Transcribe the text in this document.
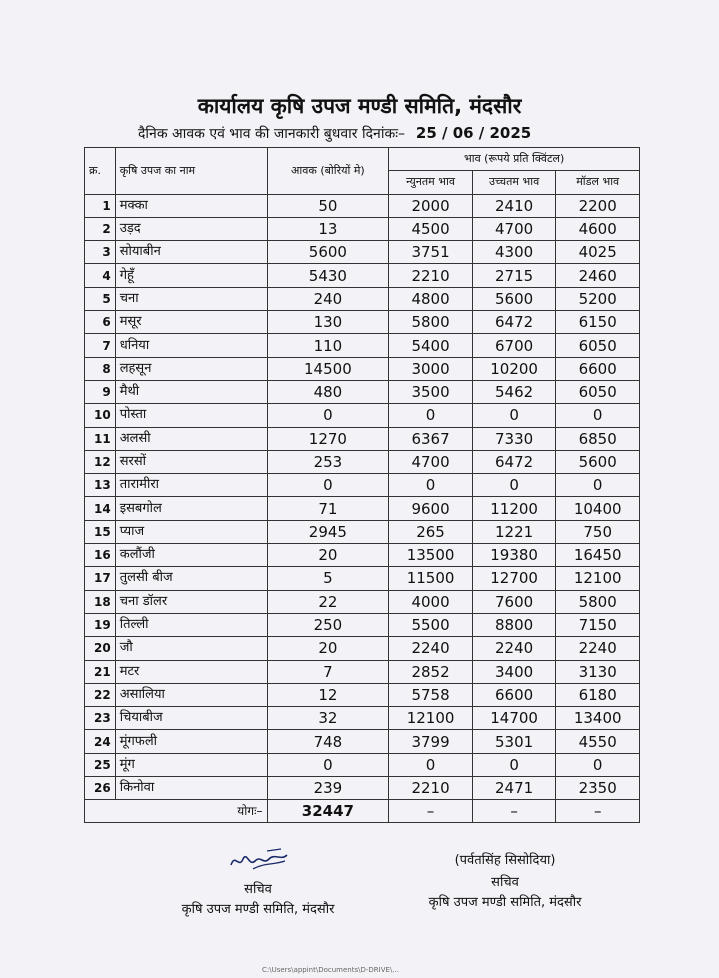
कार्यालय कृषि उपज मण्डी समिति, मंदसौर
दैनिक आवक एवं भाव की जानकारी बुधवार दिनांकः– 25 / 06 / 2025
क्र.	कृषि उपज का नाम	आवक (बोरियों मे)	भाव (रूपये प्रति क्विंटल)		
			न्युनतम भाव	उच्चतम भाव	मॉडल भाव
1	मक्का	50	2000	2410	2200
2	उड़द	13	4500	4700	4600
3	सोयाबीन	5600	3751	4300	4025
4	गेहूँ	5430	2210	2715	2460
5	चना	240	4800	5600	5200
6	मसूर	130	5800	6472	6150
7	धनिया	110	5400	6700	6050
8	लहसून	14500	3000	10200	6600
9	मैथी	480	3500	5462	6050
10	पोस्ता	0	0	0	0
11	अलसी	1270	6367	7330	6850
12	सरसों	253	4700	6472	5600
13	तारामीरा	0	0	0	0
14	इसबगोल	71	9600	11200	10400
15	प्याज	2945	265	1221	750
16	कलौंजी	20	13500	19380	16450
17	तुलसी बीज	5	11500	12700	12100
18	चना डॉलर	22	4000	7600	5800
19	तिल्ली	250	5500	8800	7150
20	जौ	20	2240	2240	2240
21	मटर	7	2852	3400	3130
22	असालिया	12	5758	6600	6180
23	चियाबीज	32	12100	14700	13400
24	मूंगफली	748	3799	5301	4550
25	मूंग	0	0	0	0
26	किनोवा	239	2210	2471	2350
योगः–		32447	–	–	–
सचिव
कृषि उपज मण्डी समिति, मंदसौर
(पर्वतसिंह सिसोदिया)
सचिव
कृषि उपज मण्डी समिति, मंदसौर
C:\Users\appint\Documents\D-DRIVE\...
